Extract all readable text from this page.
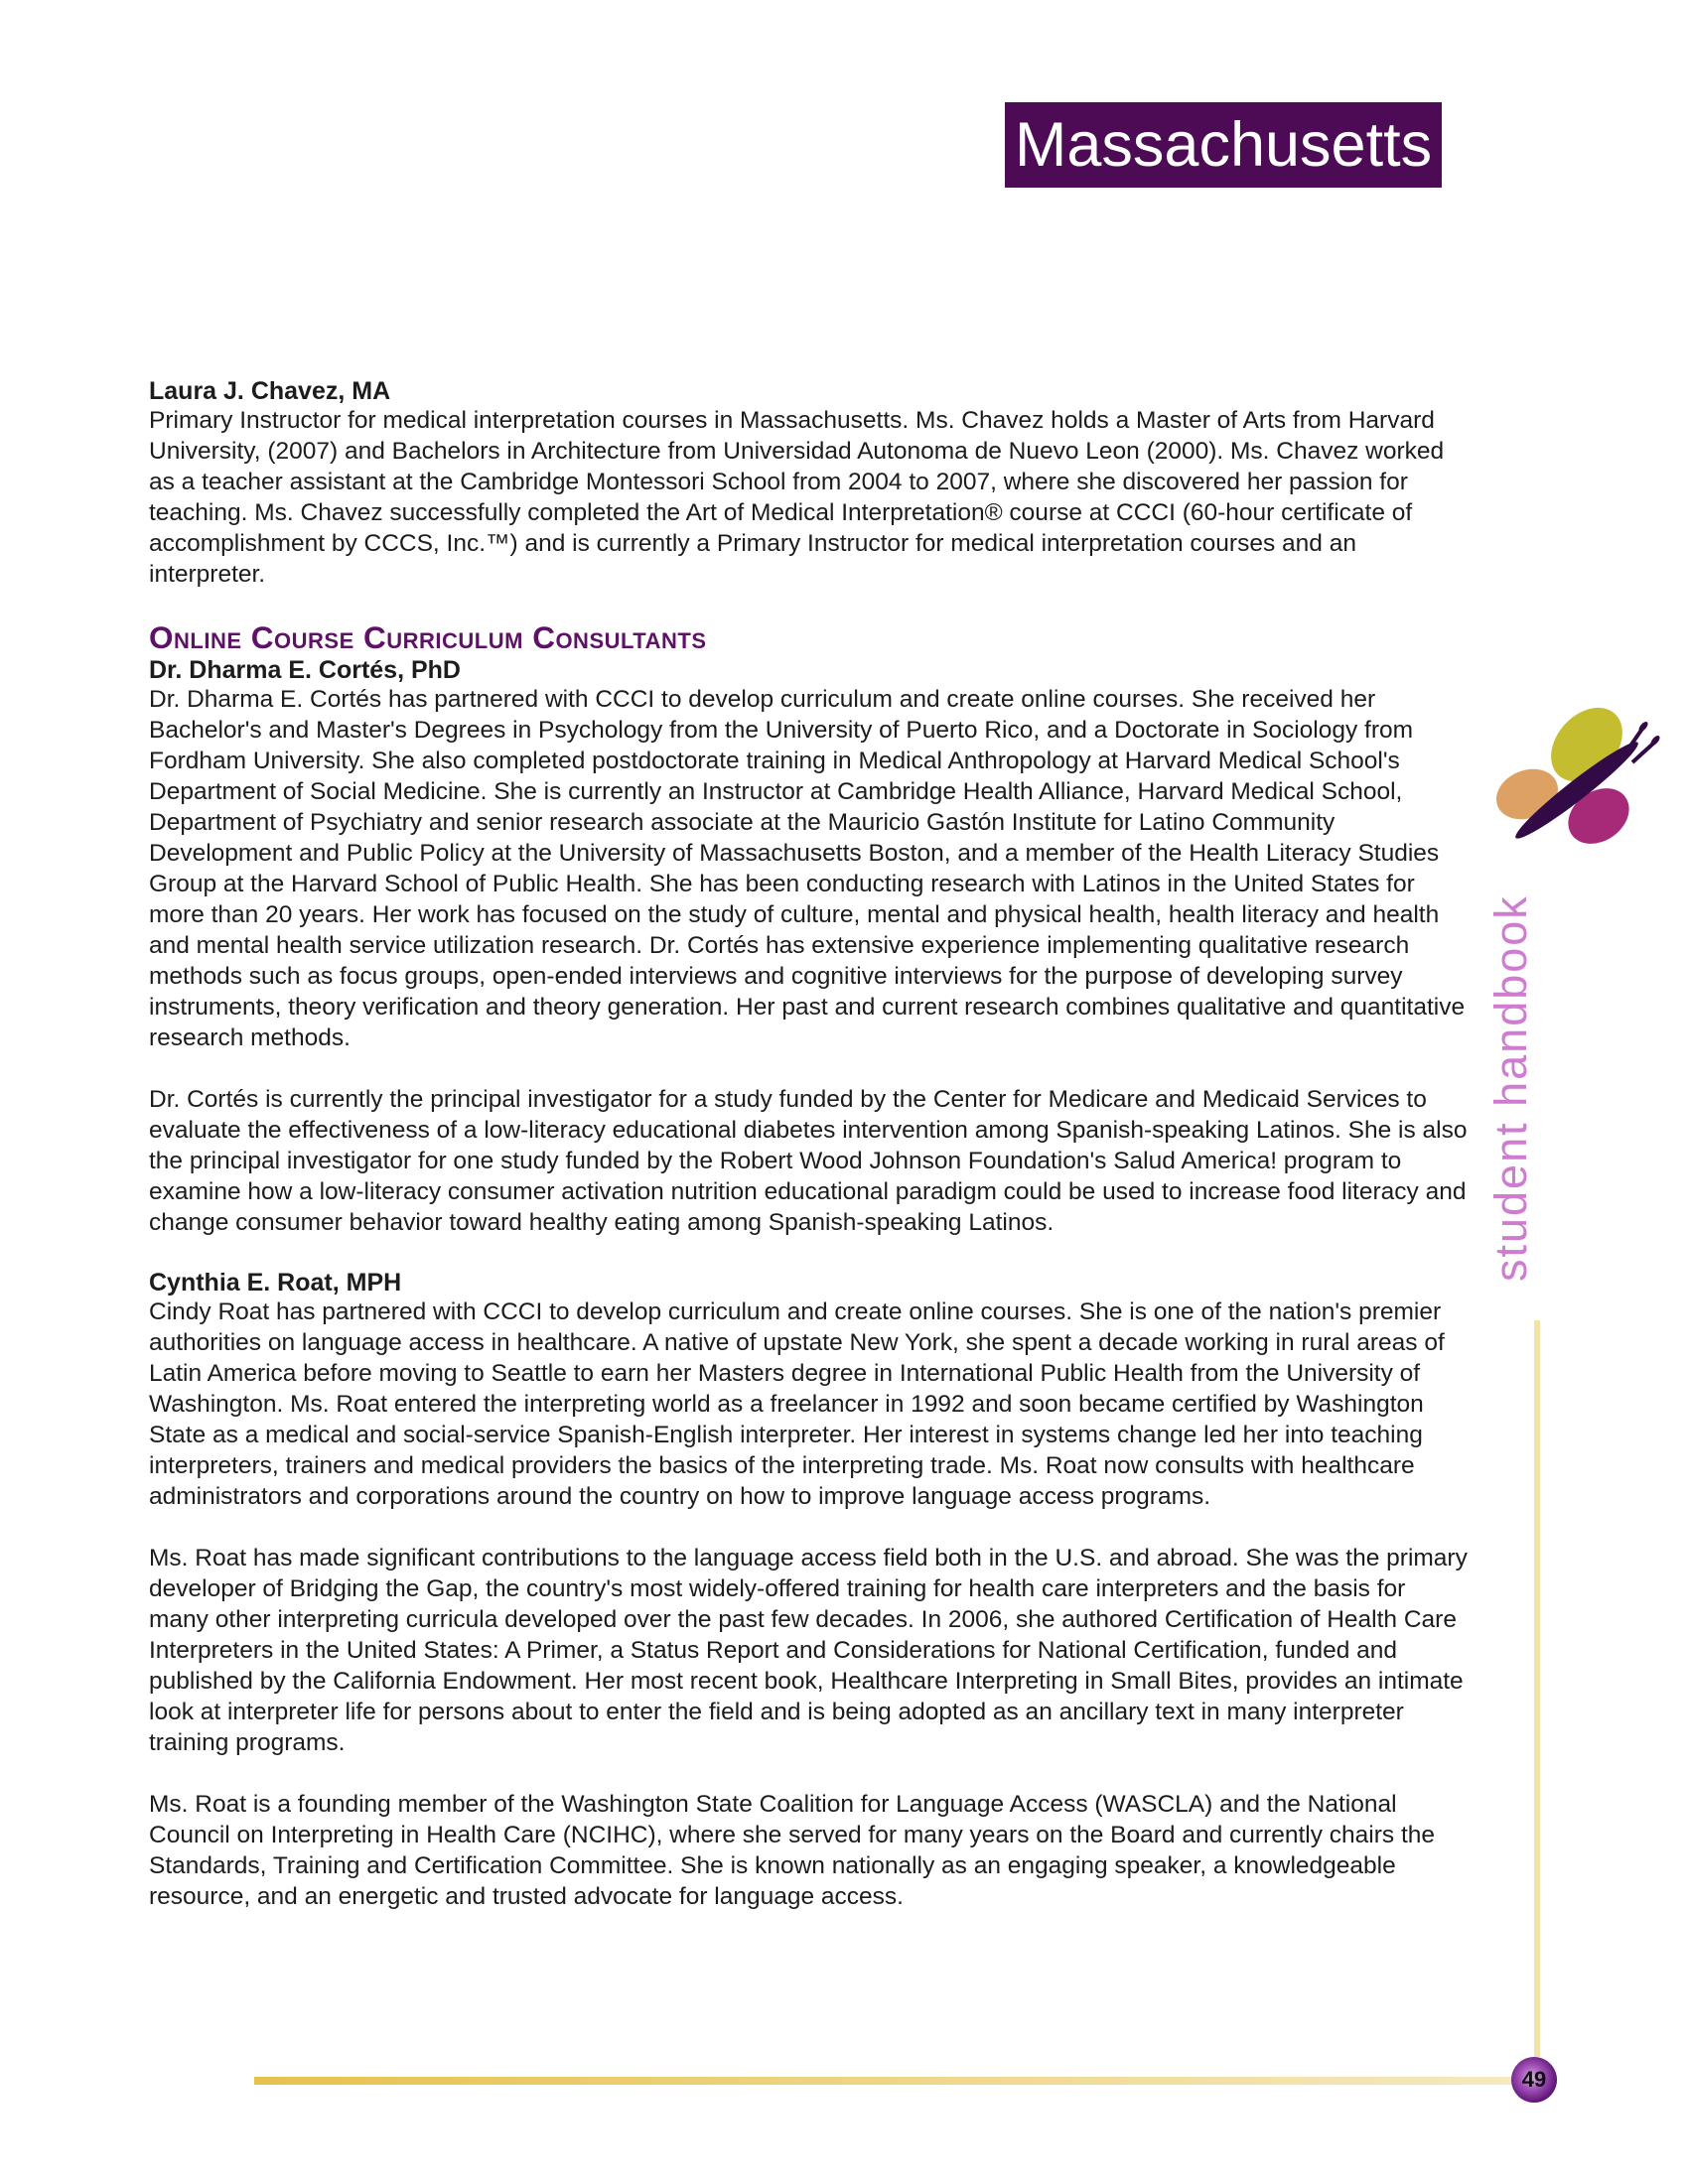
Massachusetts
Laura J. Chavez, MA

Primary Instructor for medical interpretation courses in Massachusetts. Ms. Chavez holds a Master of Arts from Harvard University, (2007) and Bachelors in Architecture from Universidad Autonoma de Nuevo Leon (2000). Ms. Chavez worked as a teacher assistant at the Cambridge Montessori School from 2004 to 2007, where she discovered her passion for teaching. Ms. Chavez successfully completed the Art of Medical Interpretation® course at CCCI (60-hour certificate of accomplishment by CCCS, Inc.™) and is currently a Primary Instructor for medical interpretation courses and an interpreter.

Online Course Curriculum Consultants
Dr. Dharma E. Cortés, PhD

Dr. Dharma E. Cortés has partnered with CCCI to develop curriculum and create online courses. She received her Bachelor's and Master's Degrees in Psychology from the University of Puerto Rico, and a Doctorate in Sociology from Fordham University. She also completed postdoctorate training in Medical Anthropology at Harvard Medical School's Department of Social Medicine. She is currently an Instructor at Cambridge Health Alliance, Harvard Medical School, Department of Psychiatry and senior research associate at the Mauricio Gastón Institute for Latino Community Development and Public Policy at the University of Massachusetts Boston, and a member of the Health Literacy Studies Group at the Harvard School of Public Health. She has been conducting research with Latinos in the United States for more than 20 years. Her work has focused on the study of culture, mental and physical health, health literacy and health and mental health service utilization research. Dr. Cortés has extensive experience implementing qualitative research methods such as focus groups, open-ended interviews and cognitive interviews for the purpose of developing survey instruments, theory verification and theory generation. Her past and current research combines qualitative and quantitative research methods.

Dr. Cortés is currently the principal investigator for a study funded by the Center for Medicare and Medicaid Services to evaluate the effectiveness of a low-literacy educational diabetes intervention among Spanish-speaking Latinos. She is also the principal investigator for one study funded by the Robert Wood Johnson Foundation's Salud America! program to examine how a low-literacy consumer activation nutrition educational paradigm could be used to increase food literacy and change consumer behavior toward healthy eating among Spanish-speaking Latinos.

Cynthia E. Roat, MPH

Cindy Roat has partnered with CCCI to develop curriculum and create online courses. She is one of the nation's premier authorities on language access in healthcare. A native of upstate New York, she spent a decade working in rural areas of Latin America before moving to Seattle to earn her Masters degree in International Public Health from the University of Washington. Ms. Roat entered the interpreting world as a freelancer in 1992 and soon became certified by Washington State as a medical and social-service Spanish-English interpreter. Her interest in systems change led her into teaching interpreters, trainers and medical providers the basics of the interpreting trade. Ms. Roat now consults with healthcare administrators and corporations around the country on how to improve language access programs.

Ms. Roat has made significant contributions to the language access field both in the U.S. and abroad. She was the primary developer of Bridging the Gap, the country's most widely-offered training for health care interpreters and the basis for many other interpreting curricula developed over the past few decades. In 2006, she authored Certification of Health Care Interpreters in the United States: A Primer, a Status Report and Considerations for National Certification, funded and published by the California Endowment. Her most recent book, Healthcare Interpreting in Small Bites, provides an intimate look at interpreter life for persons about to enter the field and is being adopted as an ancillary text in many interpreter training programs.

Ms. Roat is a founding member of the Washington State Coalition for Language Access (WASCLA) and the National Council on Interpreting in Health Care (NCIHC), where she served for many years on the Board and currently chairs the Standards, Training and Certification Committee. She is known nationally as an engaging speaker, a knowledgeable resource, and an energetic and trusted advocate for language access.

student handbook
49
